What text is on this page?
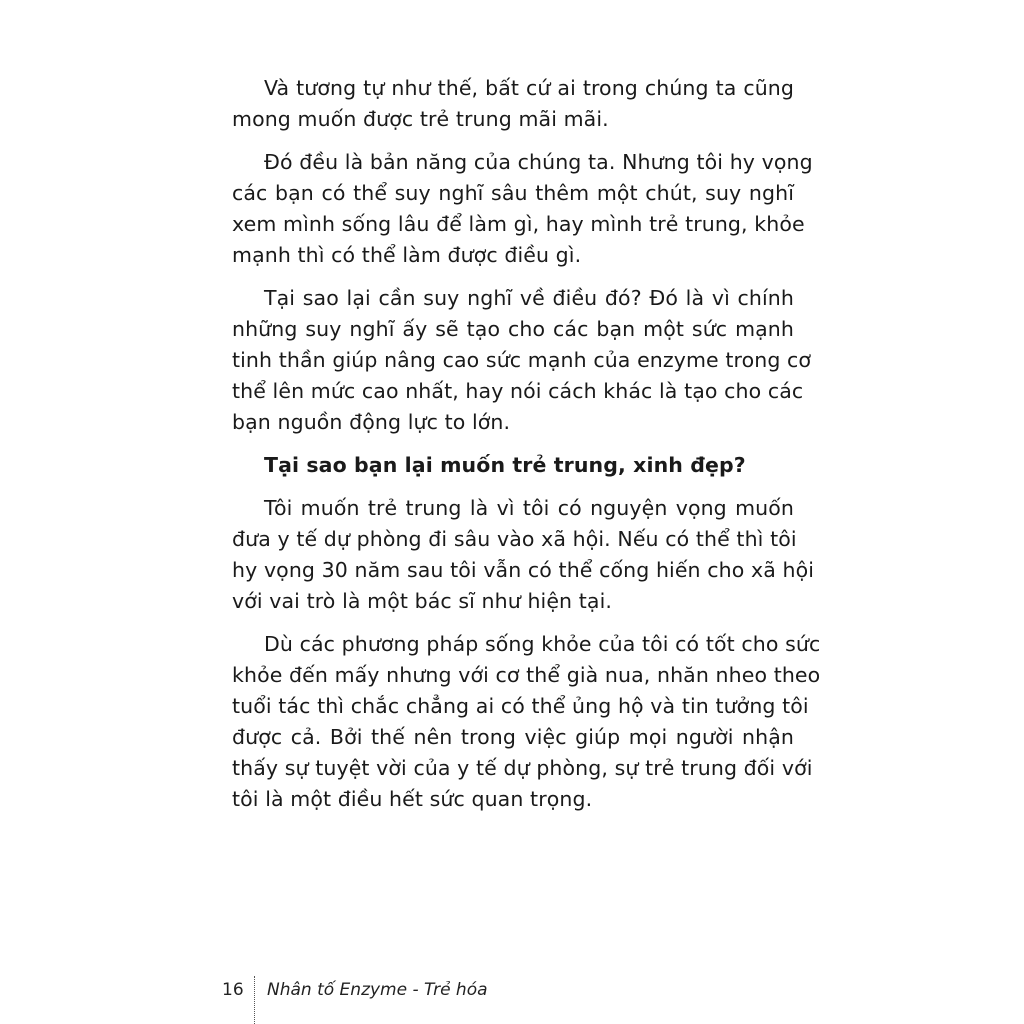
Và tương tự như thế, bất cứ ai trong chúng ta cũng
mong muốn được trẻ trung mãi mãi.
Đó đều là bản năng của chúng ta. Nhưng tôi hy vọng
các bạn có thể suy nghĩ sâu thêm một chút, suy nghĩ
xem mình sống lâu để làm gì, hay mình trẻ trung, khỏe
mạnh thì có thể làm được điều gì.
Tại sao lại cần suy nghĩ về điều đó? Đó là vì chính
những suy nghĩ ấy sẽ tạo cho các bạn một sức mạnh
tinh thần giúp nâng cao sức mạnh của enzyme trong cơ
thể lên mức cao nhất, hay nói cách khác là tạo cho các
bạn nguồn động lực to lớn.
Tại sao bạn lại muốn trẻ trung, xinh đẹp?
Tôi muốn trẻ trung là vì tôi có nguyện vọng muốn
đưa y tế dự phòng đi sâu vào xã hội. Nếu có thể thì tôi
hy vọng 30 năm sau tôi vẫn có thể cống hiến cho xã hội
với vai trò là một bác sĩ như hiện tại.
Dù các phương pháp sống khỏe của tôi có tốt cho sức
khỏe đến mấy nhưng với cơ thể già nua, nhăn nheo theo
tuổi tác thì chắc chẳng ai có thể ủng hộ và tin tưởng tôi
được cả. Bởi thế nên trong việc giúp mọi người nhận
thấy sự tuyệt vời của y tế dự phòng, sự trẻ trung đối với
tôi là một điều hết sức quan trọng.
16 Nhân tố Enzyme - Trẻ hóa
